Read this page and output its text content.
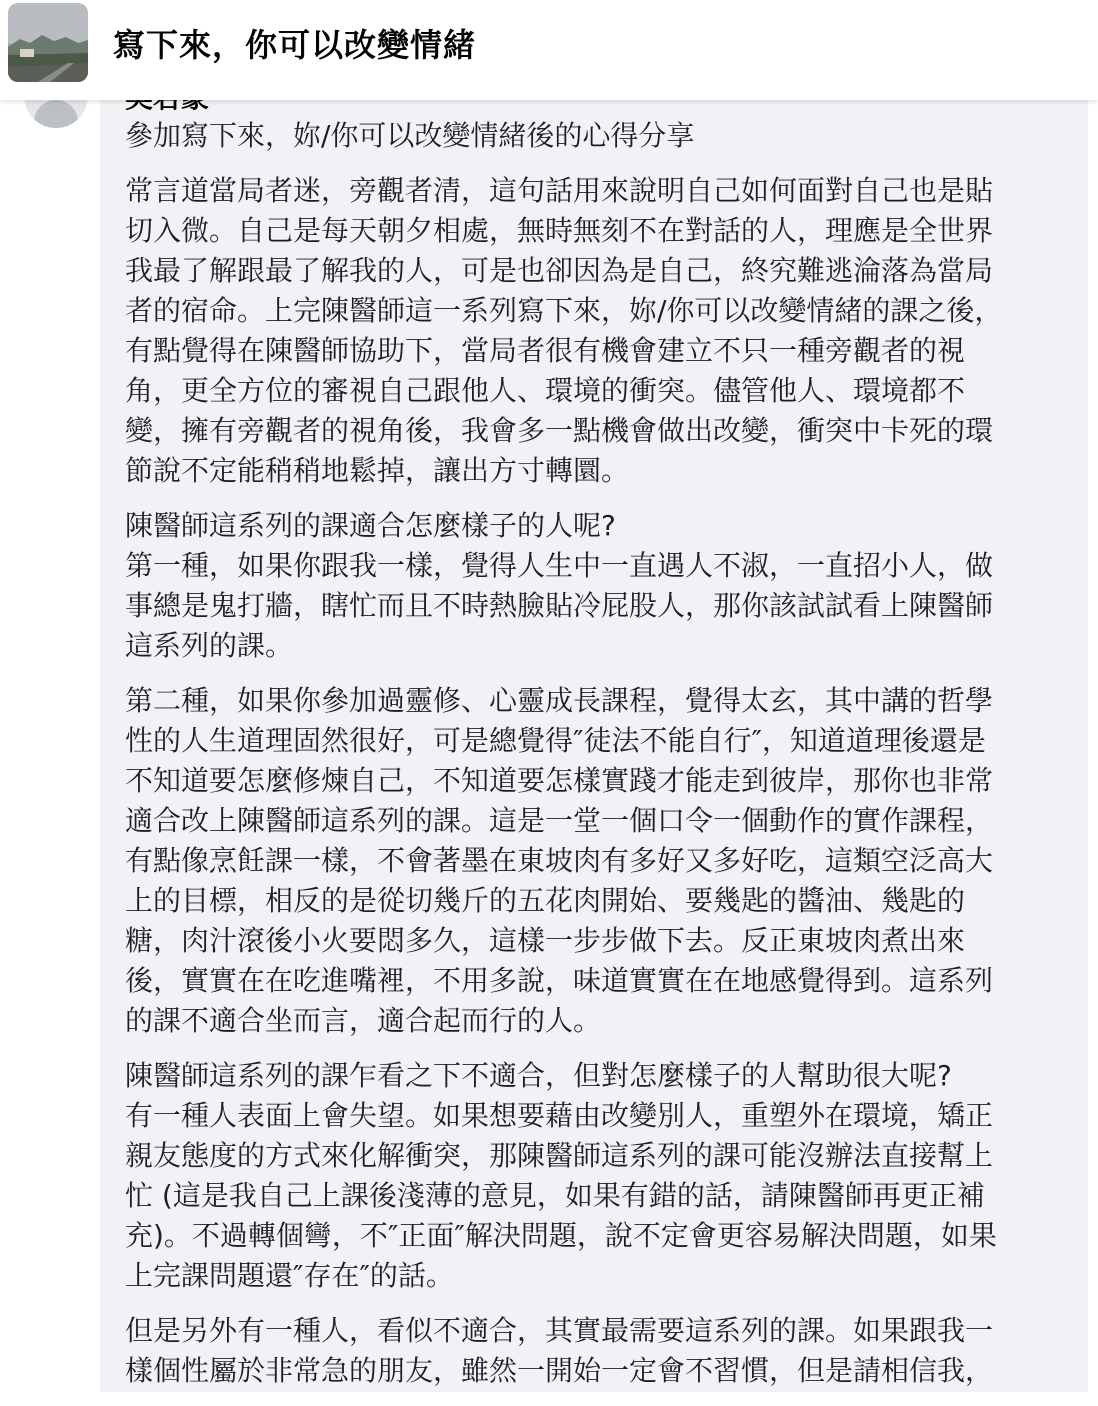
寫下來，你可以改變情緒

參加寫下來，妳/你可以改變情緒後的心得分享

常言道當局者迷，旁觀者清，這句話用來說明自己如何面對自己也是貼
切入微。自己是每天朝夕相處，無時無刻不在對話的人，理應是全世界
我最了解跟最了解我的人，可是也卻因為是自己，終究難逃淪落為當局
者的宿命。上完陳醫師這一系列寫下來，妳/你可以改變情緒的課之後，
有點覺得在陳醫師協助下，當局者很有機會建立不只一種旁觀者的視
角，更全方位的審視自己跟他人、環境的衝突。儘管他人、環境都不
變，擁有旁觀者的視角後，我會多一點機會做出改變，衝突中卡死的環
節說不定能稍稍地鬆掉，讓出方寸轉圜。

陳醫師這系列的課適合怎麼樣子的人呢?
第一種，如果你跟我一樣，覺得人生中一直遇人不淑，一直招小人，做
事總是鬼打牆，瞎忙而且不時熱臉貼冷屁股人，那你該試試看上陳醫師
這系列的課。

第二種，如果你參加過靈修、心靈成長課程，覺得太玄，其中講的哲學
性的人生道理固然很好，可是總覺得″徒法不能自行″，知道道理後還是
不知道要怎麼修煉自己，不知道要怎樣實踐才能走到彼岸，那你也非常
適合改上陳醫師這系列的課。這是一堂一個口令一個動作的實作課程，
有點像烹飪課一樣，不會著墨在東坡肉有多好又多好吃，這類空泛高大
上的目標，相反的是從切幾斤的五花肉開始、要幾匙的醬油、幾匙的
糖，肉汁滾後小火要悶多久，這樣一步步做下去。反正東坡肉煮出來
後，實實在在吃進嘴裡，不用多說，味道實實在在地感覺得到。這系列
的課不適合坐而言，適合起而行的人。

陳醫師這系列的課乍看之下不適合，但對怎麼樣子的人幫助很大呢?
有一種人表面上會失望。如果想要藉由改變別人，重塑外在環境，矯正
親友態度的方式來化解衝突，那陳醫師這系列的課可能沒辦法直接幫上
忙 (這是我自己上課後淺薄的意見，如果有錯的話，請陳醫師再更正補
充)。不過轉個彎，不″正面″解決問題，說不定會更容易解決問題，如果
上完課問題還″存在″的話。

但是另外有一種人，看似不適合，其實最需要這系列的課。如果跟我一
樣個性屬於非常急的朋友，雖然一開始一定會不習慣，但是請相信我，
